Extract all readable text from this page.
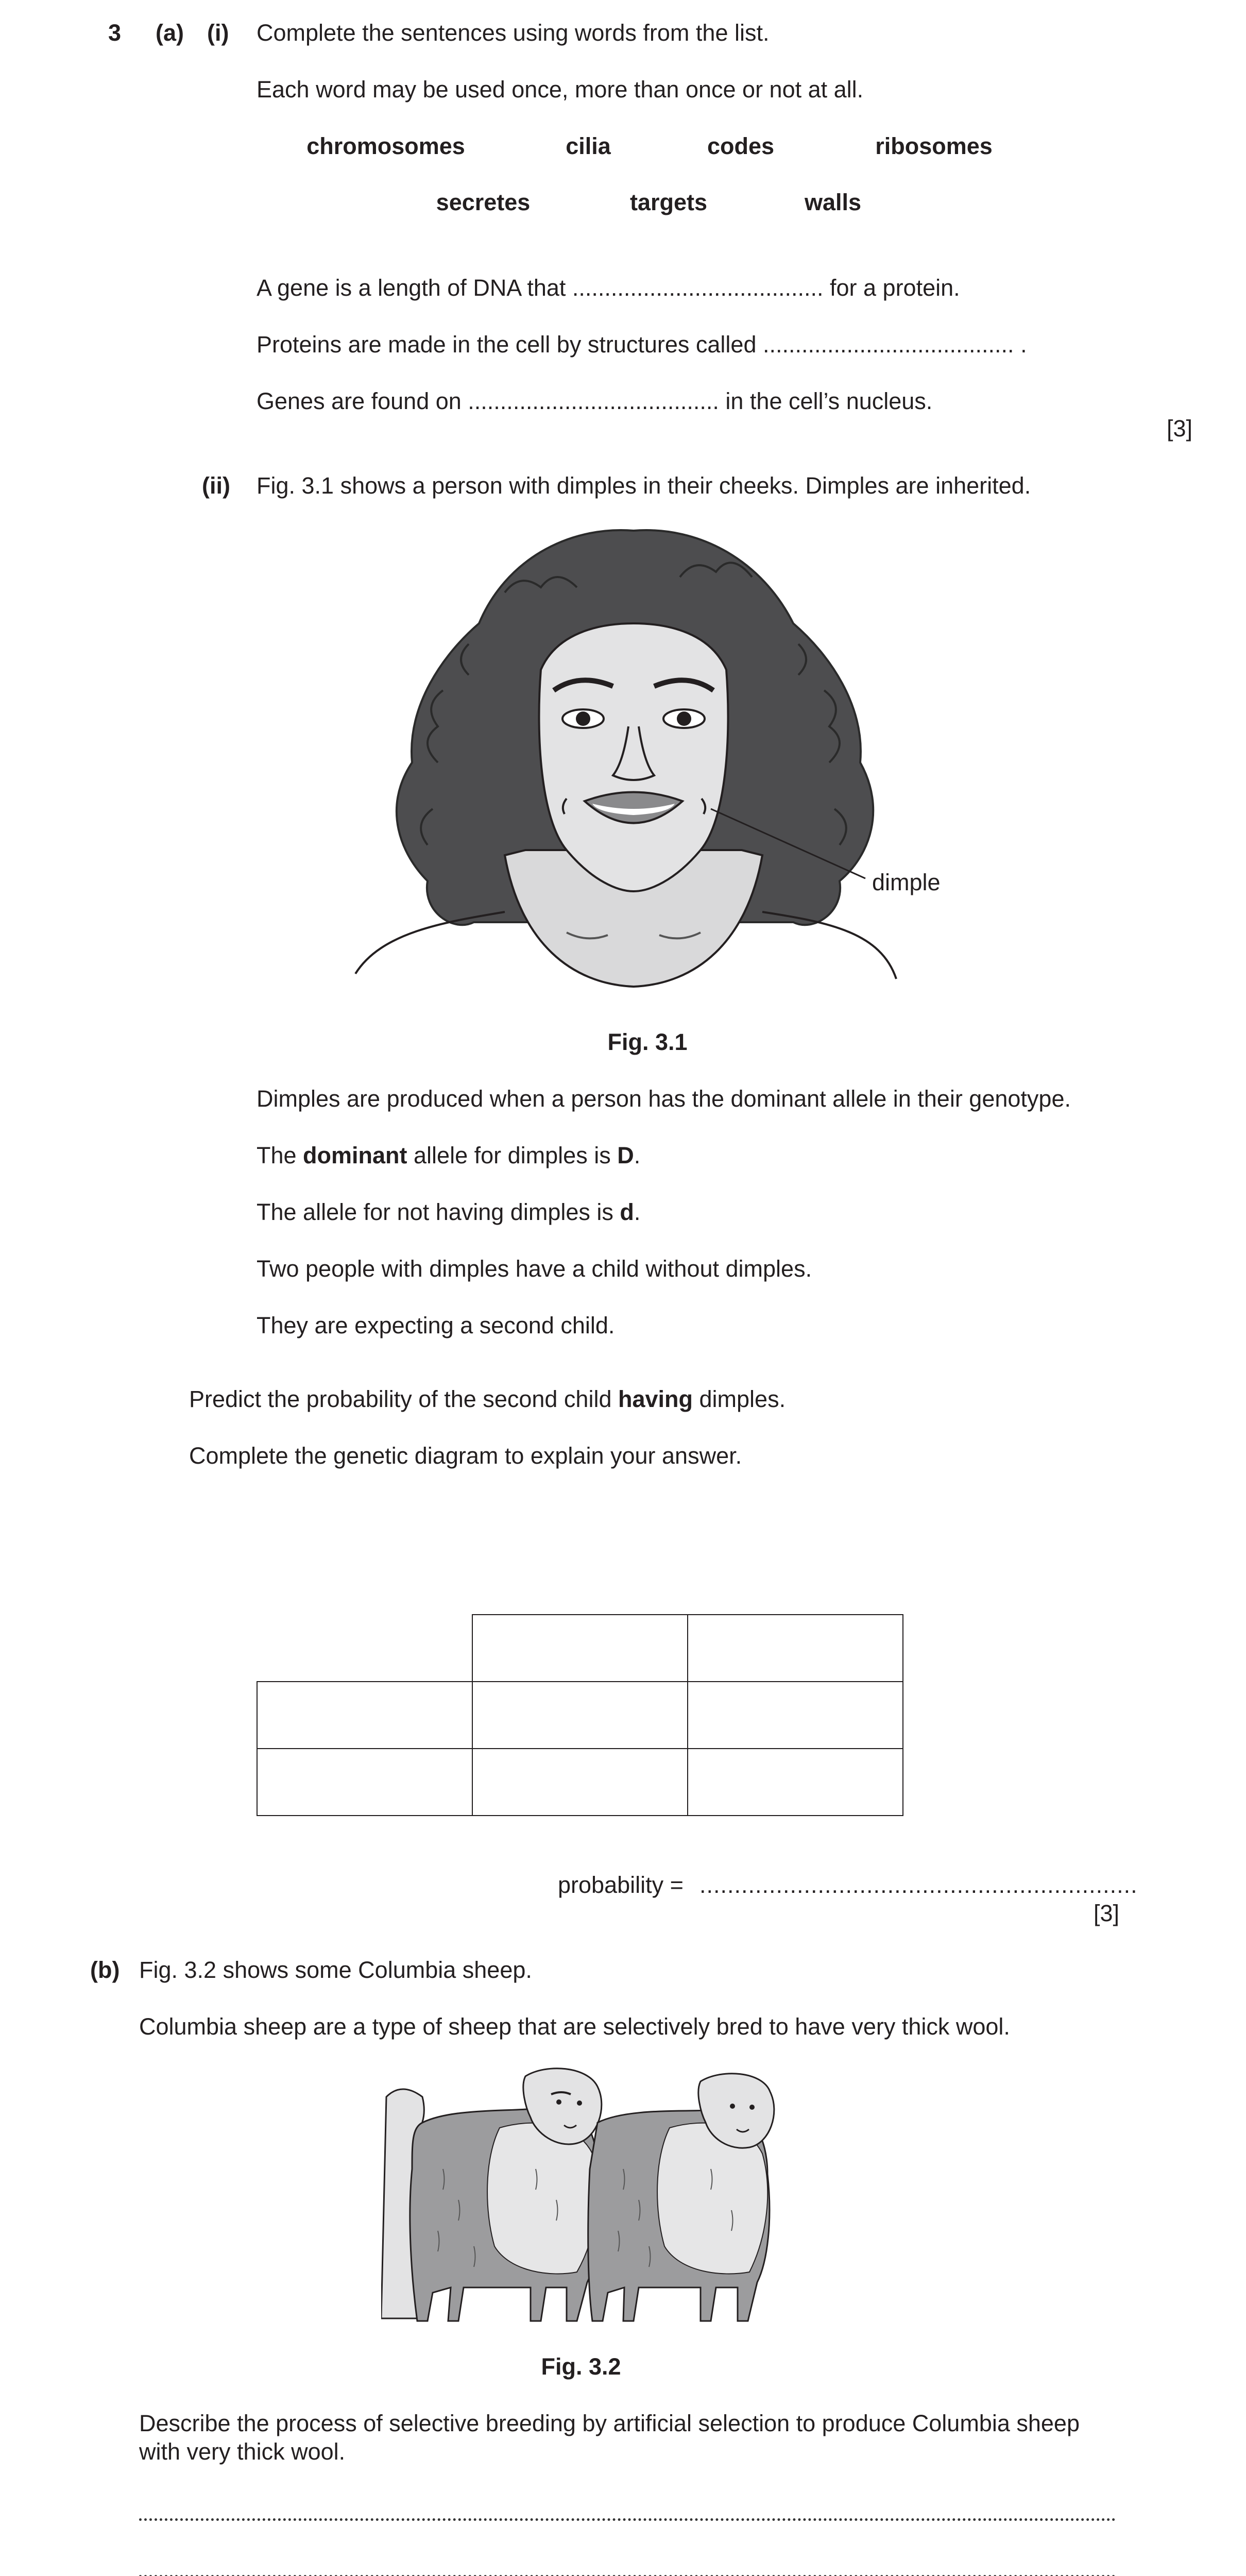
3 (a) (i) Complete the sentences using words from the list.
Each word may be used once, more than once or not at all.
chromosomes	cilia	codes	ribosomes
secretes	targets	walls
A gene is a length of DNA that ....................................... for a protein.
Proteins are made in the cell by structures called ....................................... .
Genes are found on ....................................... in the cell’s nucleus.
[3]
(ii) Fig. 3.1 shows a person with dimples in their cheeks. Dimples are inherited.
dimple
Fig. 3.1
Dimples are produced when a person has the dominant allele in their genotype.
The dominant allele for dimples is D.
The allele for not having dimples is d.
Two people with dimples have a child without dimples.
They are expecting a second child.
Predict the probability of the second child having dimples.
Complete the genetic diagram to explain your answer.

probability = ...............................................................
[3]
(b) Fig. 3.2 shows some Columbia sheep.
Columbia sheep are a type of sheep that are selectively bred to have very thick wool.
Fig. 3.2
Describe the process of selective breeding by artificial selection to produce Columbia sheep
with very thick wool.
